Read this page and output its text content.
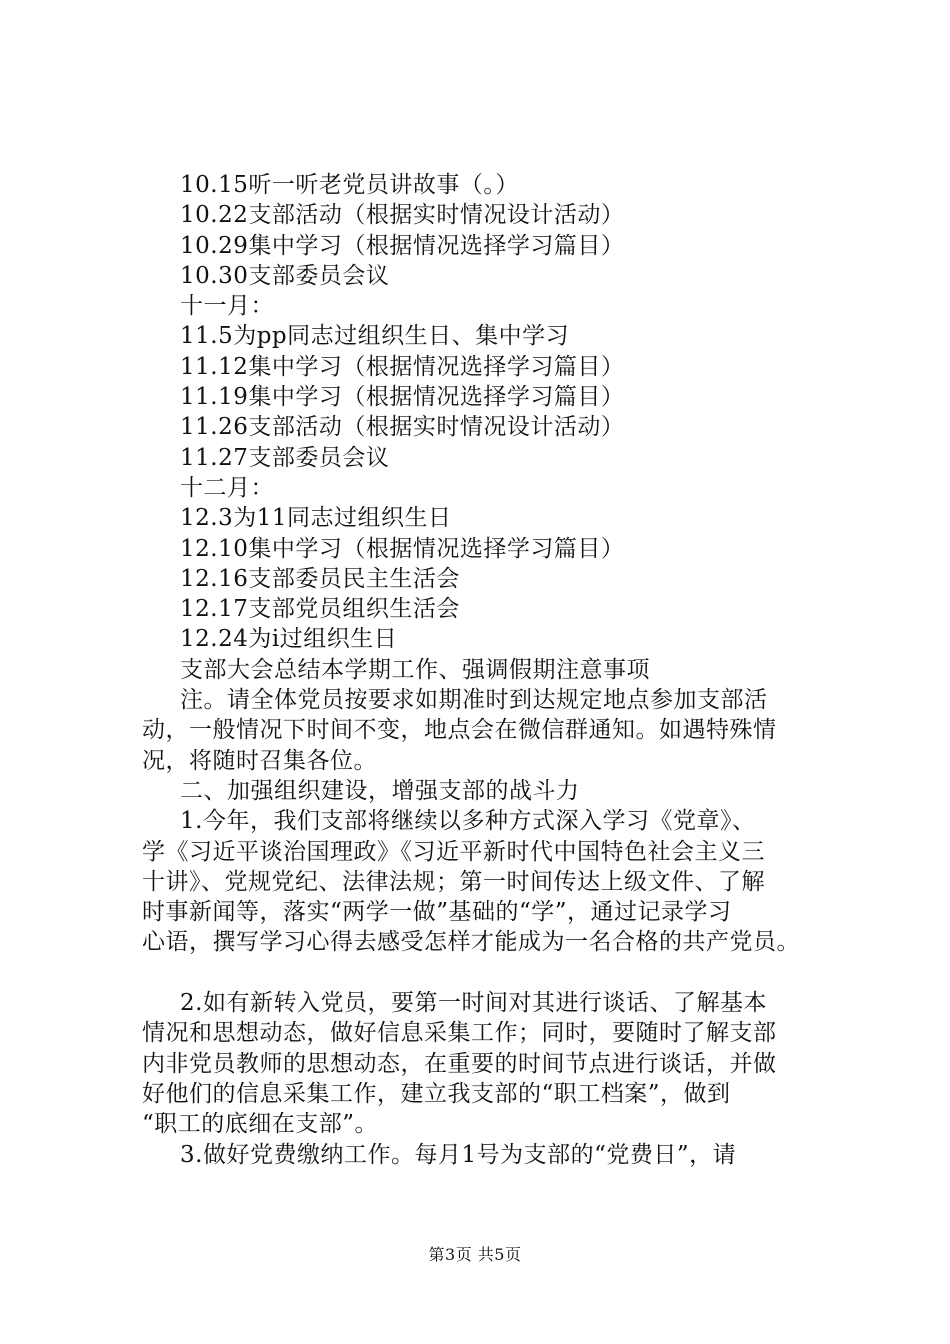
10.15听一听老党员讲故事（。）
10.22支部活动（根据实时情况设计活动）
10.29集中学习（根据情况选择学习篇目）
10.30支部委员会议
十一月：
11.5为pp同志过组织生日、集中学习
11.12集中学习（根据情况选择学习篇目）
11.19集中学习（根据情况选择学习篇目）
11.26支部活动（根据实时情况设计活动）
11.27支部委员会议
十二月：
12.3为11同志过组织生日
12.10集中学习（根据情况选择学习篇目）
12.16支部委员民主生活会
12.17支部党员组织生活会
12.24为i过组织生日
支部大会总结本学期工作、强调假期注意事项
注。请全体党员按要求如期准时到达规定地点参加支部活
动，一般情况下时间不变，地点会在微信群通知。如遇特殊情
况，将随时召集各位。
二、加强组织建设，增强支部的战斗力
1.今年，我们支部将继续以多种方式深入学习《党章》、
学《习近平谈治国理政》《习近平新时代中国特色社会主义三
十讲》、党规党纪、法律法规；第一时间传达上级文件、了解
时事新闻等，落实“两学一做”基础的“学”，通过记录学习
心语，撰写学习心得去感受怎样才能成为一名合格的共产党员。
2.如有新转入党员，要第一时间对其进行谈话、了解基本
情况和思想动态，做好信息采集工作；同时，要随时了解支部
内非党员教师的思想动态，在重要的时间节点进行谈话，并做
好他们的信息采集工作，建立我支部的“职工档案”，做到
“职工的底细在支部”。
3.做好党费缴纳工作。每月1号为支部的“党费日”，请
第3页 共5页
